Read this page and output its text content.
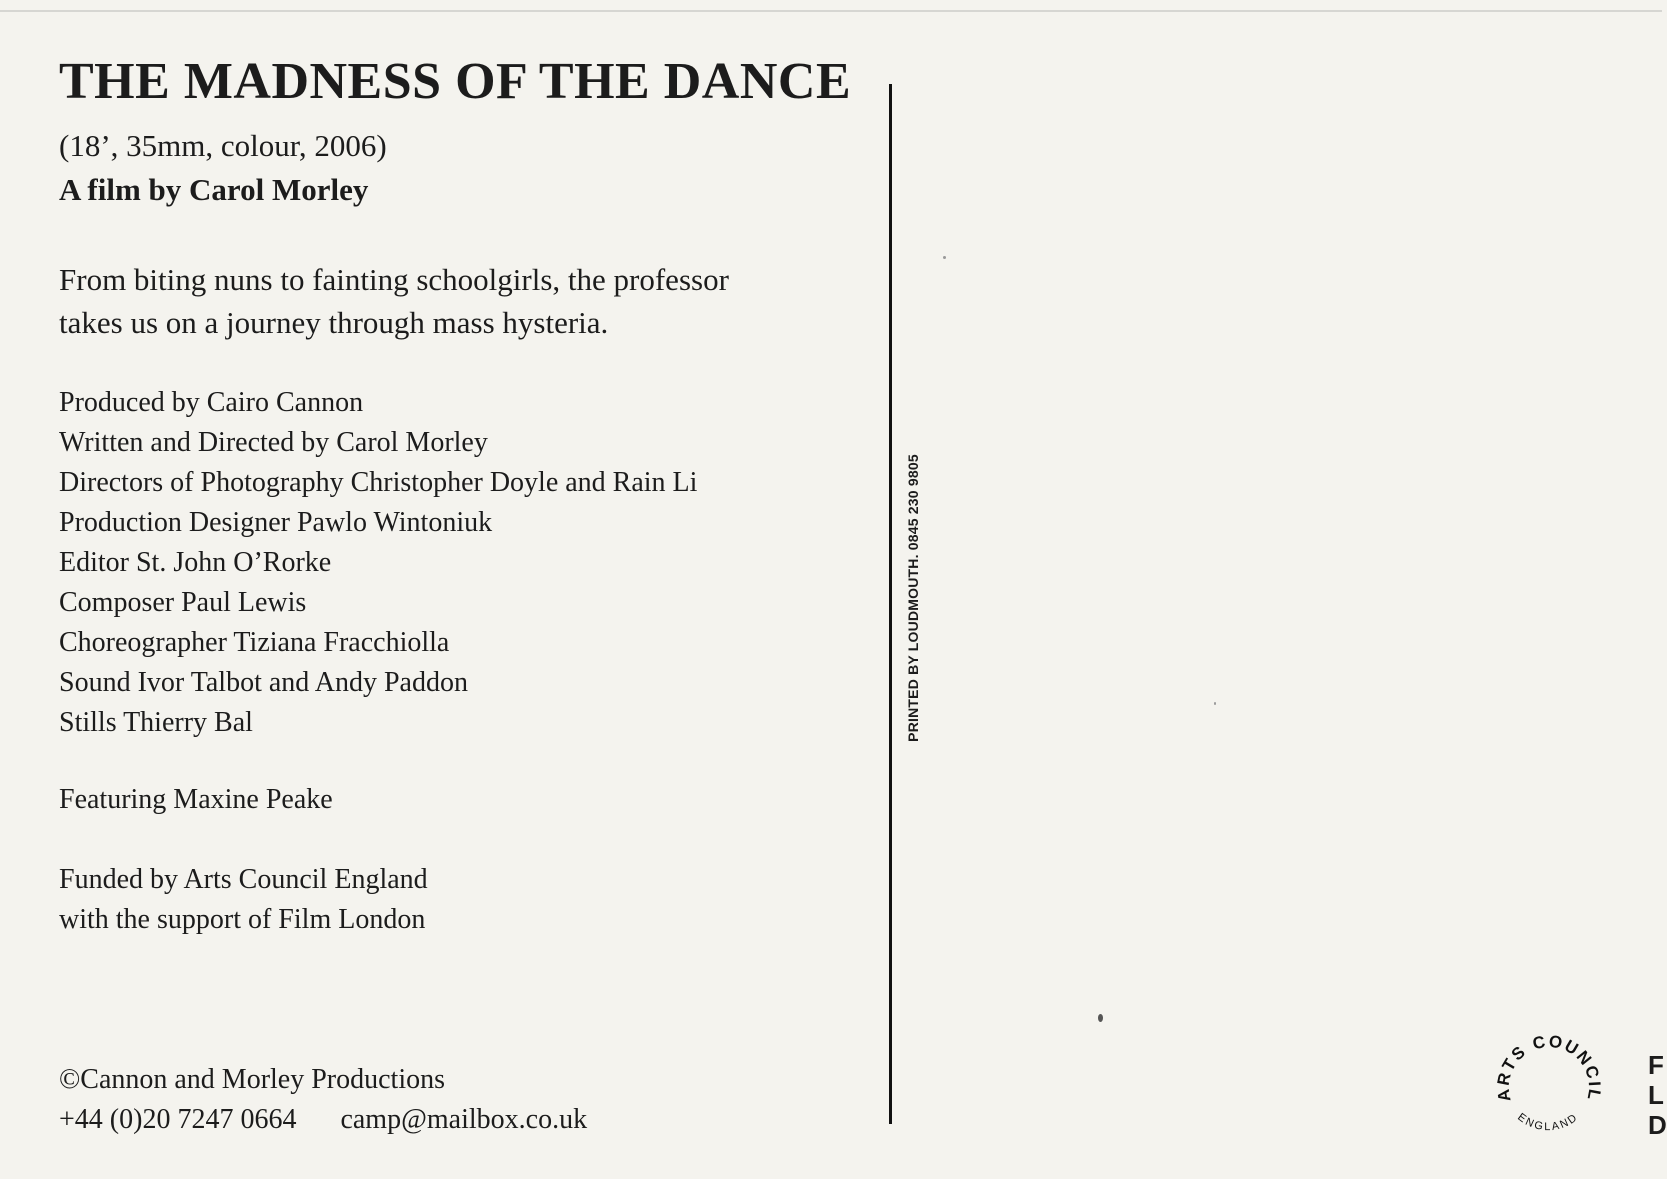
THE MADNESS OF THE DANCE
(18’, 35mm, colour, 2006)
A film by Carol Morley
From biting nuns to fainting schoolgirls, the professor
takes us on a journey through mass hysteria.
Produced by Cairo Cannon
Written and Directed by Carol Morley
Directors of Photography Christopher Doyle and Rain Li
Production Designer Pawlo Wintoniuk
Editor St. John O’Rorke
Composer Paul Lewis
Choreographer Tiziana Fracchiolla
Sound Ivor Talbot and Andy Paddon
Stills Thierry Bal
Featuring Maxine Peake
Funded by Arts Council England
with the support of Film London
©Cannon and Morley Productions
+44 (0)20 7247 0664 camp@mailbox.co.uk
PRINTED BY LOUDMOUTH. 0845 230 9805
ARTS COUNCIL
ENGLAND
F
L
D
